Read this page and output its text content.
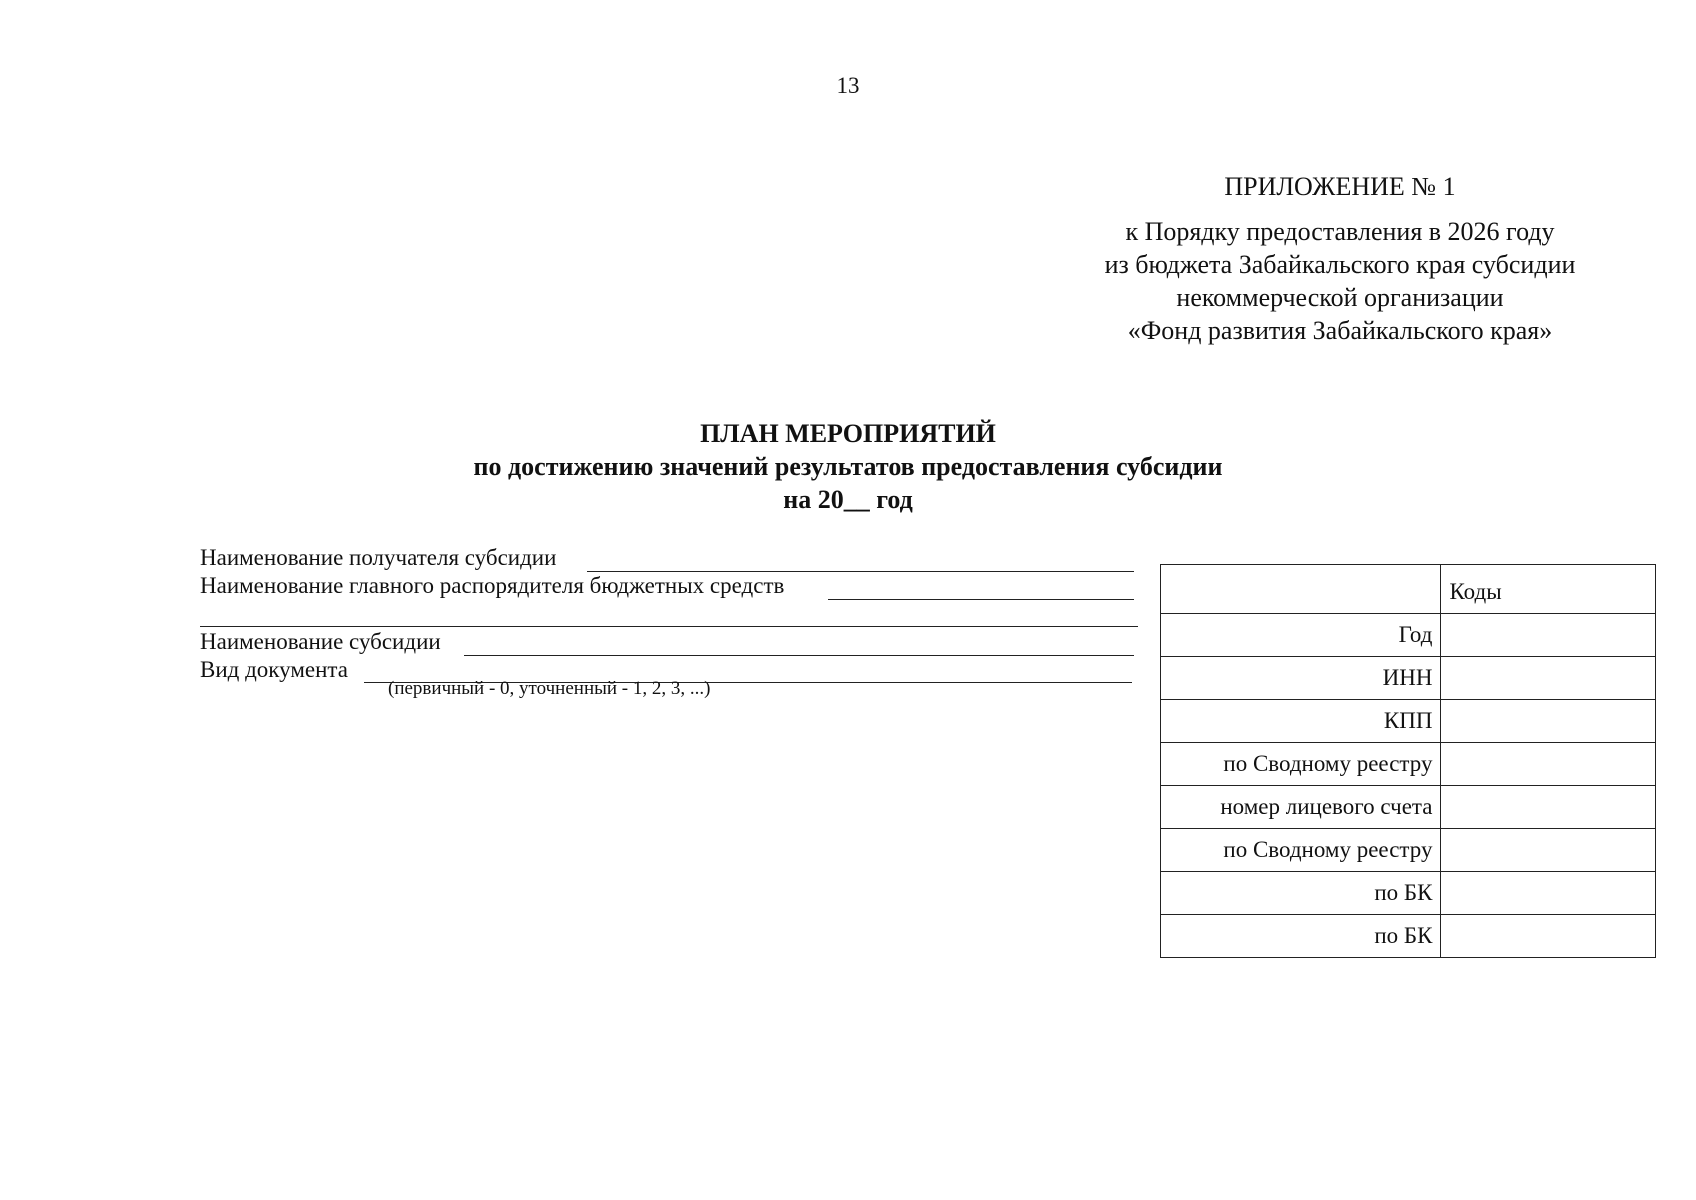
13
ПРИЛОЖЕНИЕ № 1
к Порядку предоставления в 2026 году
из бюджета Забайкальского края субсидии
некоммерческой организации
«Фонд развития Забайкальского края»
ПЛАН МЕРОПРИЯТИЙ
по достижению значений результатов предоставления субсидии
на 20__ год
Наименование получателя субсидии
Наименование главного распорядителя бюджетных средств
Наименование субсидии
Вид документа
(первичный - 0, уточненный - 1, 2, 3, ...)
	Коды
Год	
ИНН	
КПП	
по Сводному реестру	
номер лицевого счета	
по Сводному реестру	
по БК	
по БК	
